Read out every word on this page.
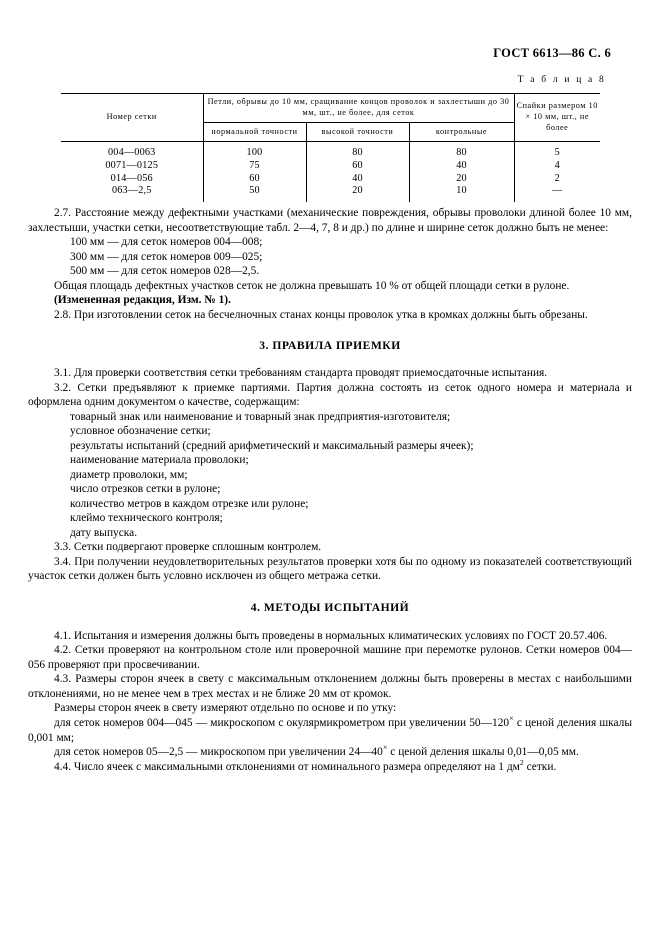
ГОСТ 6613—86 С. 6
Т а б л и ц а 8
Номер сетки	Петли, обрывы до 10 мм, сращивание концов проволок и захлестыши до 30 мм, шт., не более, для сеток			Спайки размером 10 × 10 мм, шт., не более
	нормальной точности	высокой точности	контрольные	
004—0063	100	80	80	5
0071—0125	75	60	40	4
014—056	60	40	20	2
063—2,5	50	20	10	—

2.7. Расстояние между дефектными участками (механические повреждения, обрывы проволоки длиной более 10 мм, захлестыши, участки сетки, несоответствующие табл. 2—4, 7, 8 и др.) по длине и ширине сеток должно быть не менее:

100 мм — для сеток номеров 004—008;

300 мм — для сеток номеров 009—025;

500 мм — для сеток номеров 028—2,5.

Общая площадь дефектных участков сеток не должна превышать 10 % от общей площади сетки в рулоне.

(Измененная редакция, Изм. № 1).

2.8. При изготовлении сеток на бесчелночных станах концы проволок утка в кромках должны быть обрезаны.

3. ПРАВИЛА ПРИЕМКИ

3.1. Для проверки соответствия сетки требованиям стандарта проводят приемосдаточные испытания.

3.2. Сетки предъявляют к приемке партиями. Партия должна состоять из сеток одного номера и материала и оформлена одним документом о качестве, содержащим:

товарный знак или наименование и товарный знак предприятия-изготовителя;

условное обозначение сетки;

результаты испытаний (средний арифметический и максимальный размеры ячеек);

наименование материала проволоки;

диаметр проволоки, мм;

число отрезков сетки в рулоне;

количество метров в каждом отрезке или рулоне;

клеймо технического контроля;

дату выпуска.

3.3. Сетки подвергают проверке сплошным контролем.

3.4. При получении неудовлетворительных результатов проверки хотя бы по одному из показателей соответствующий участок сетки должен быть условно исключен из общего метража сетки.

4. МЕТОДЫ ИСПЫТАНИЙ

4.1. Испытания и измерения должны быть проведены в нормальных климатических условиях по ГОСТ 20.57.406.

4.2. Сетки проверяют на контрольном столе или проверочной машине при перемотке рулонов. Сетки номеров 004—056 проверяют при просвечивании.

4.3. Размеры сторон ячеек в свету с максимальным отклонением должны быть проверены в местах с наибольшими отклонениями, но не менее чем в трех местах и не ближе 20 мм от кромок.

Размеры сторон ячеек в свету измеряют отдельно по основе и по утку:

для сеток номеров 004—045 — микроскопом с окулярмикрометром при увеличении 50—120× с ценой деления шкалы 0,001 мм;

для сеток номеров 05—2,5 — микроскопом при увеличении 24—40× с ценой деления шкалы 0,01—0,05 мм.

4.4. Число ячеек с максимальными отклонениями от номинального размера определяют на 1 $дм^2$ сетки.
